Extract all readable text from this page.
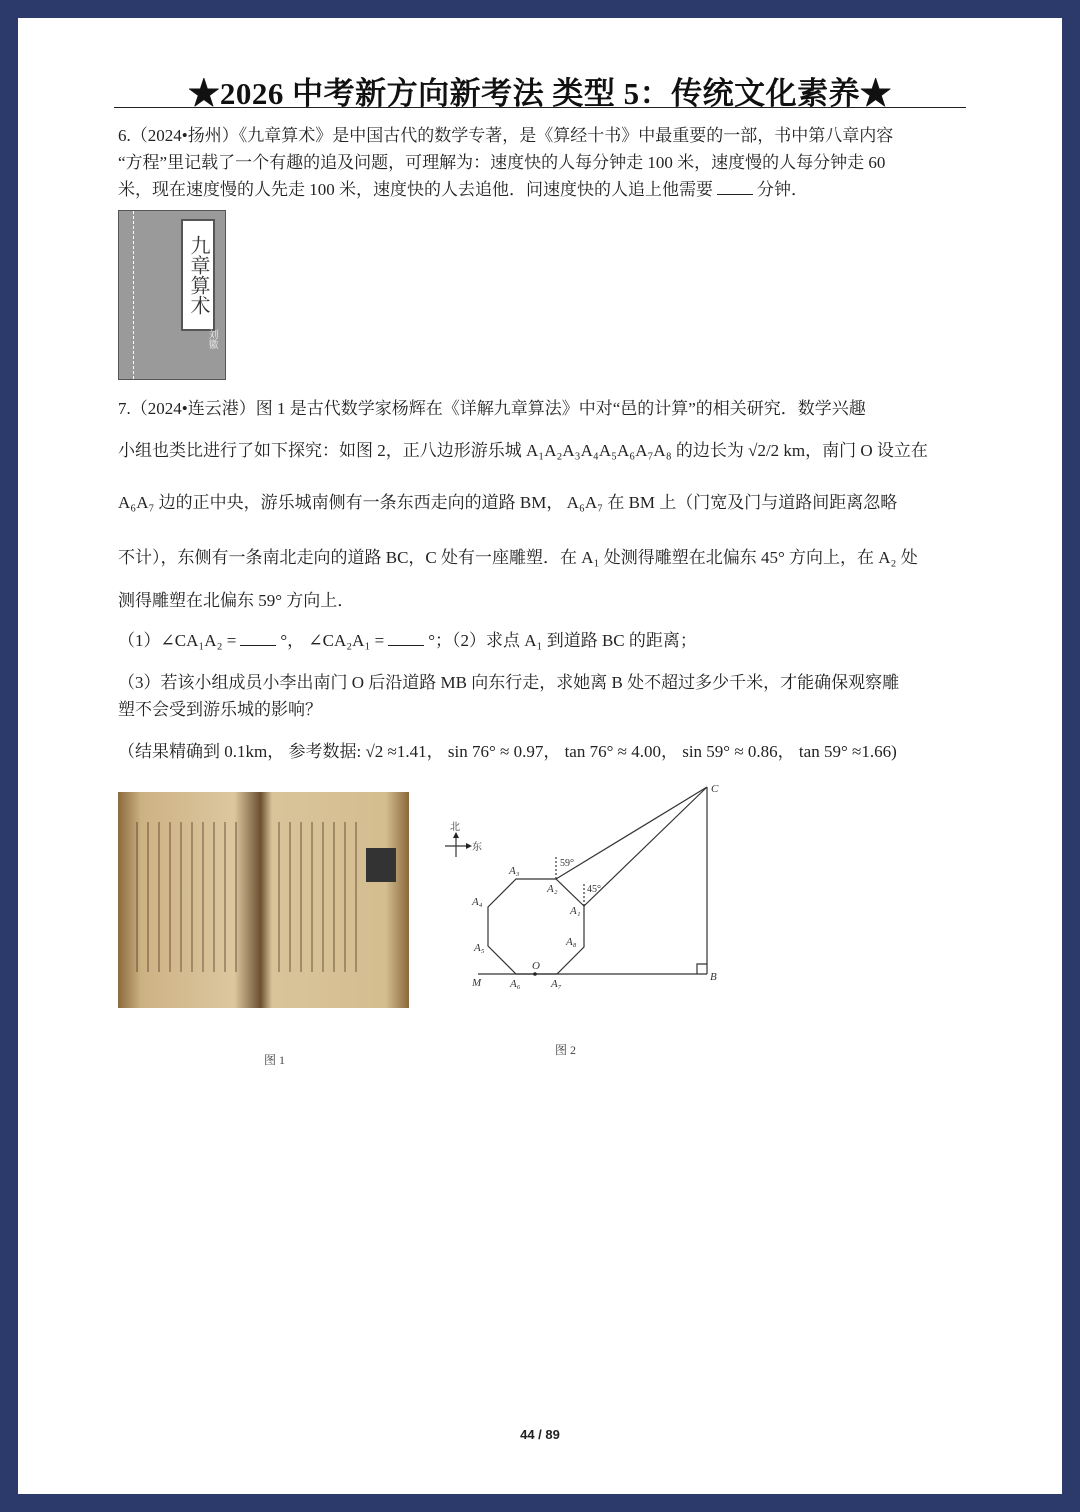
★2026 中考新方向新考法 类型 5：传统文化素养★
6.（2024•扬州）《九章算术》是中国古代的数学专著，是《算经十书》中最重要的一部，书中第八章内容
“方程”里记载了一个有趣的追及问题，可理解为：速度快的人每分钟走 100 米，速度慢的人每分钟走 60
米，现在速度慢的人先走 100 米，速度快的人去追他．问速度快的人追上他需要	分钟．
九章算术
刘徽
7.（2024•连云港）图 1 是古代数学家杨辉在《详解九章算法》中对“邑的计算”的相关研究．数学兴趣
小组也类比进行了如下探究：如图 2，正八边形游乐城 A₁A₂A₃A₄A₅A₆A₇A₈ 的边长为 √2/2 km，南门 O 设立在
A₆A₇ 边的正中央，游乐城南侧有一条东西走向的道路 BM， A₆A₇ 在 BM 上（门宽及门与道路间距离忽略
不计），东侧有一条南北走向的道路 BC，C 处有一座雕塑．在 A₁ 处测得雕塑在北偏东 45° 方向上，在 A₂ 处
测得雕塑在北偏东 59° 方向上．
（1）∠CA₁A₂ =	°， ∠CA₂A₁ =	°；（2）求点 A₁ 到道路 BC 的距离；
（3）若该小组成员小李出南门 O 后沿道路 MB 向东行走，求她离 B 处不超过多少千米，才能确保观察雕
塑不会受到游乐城的影响？
（结果精确到 0.1km， 参考数据: √2 ≈1.41， sin 76° ≈ 0.97， tan 76° ≈ 4.00， sin 59° ≈ 0.86， tan 59° ≈1.66)
图 1
图 2
C
B
M
O
A₁
A₂
A₃
A₄
A₅
A₆	A₇
A₈
59°
45°
北
东
44 / 89
